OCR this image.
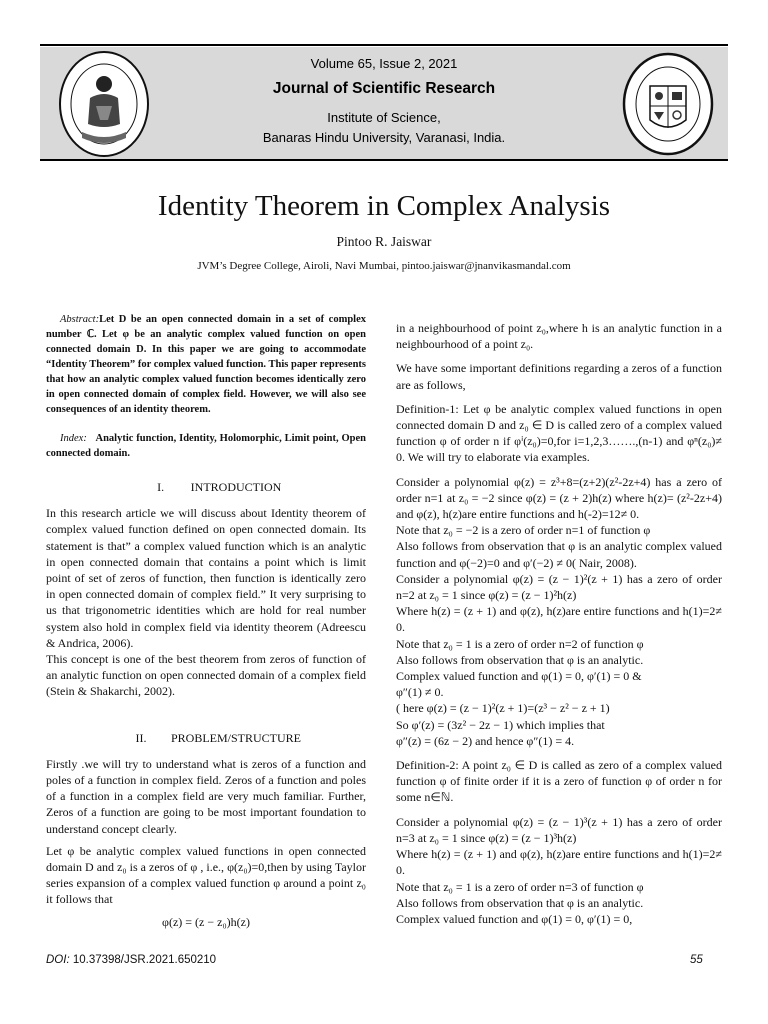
Volume 65, Issue 2, 2021
Journal of Scientific Research
Institute of Science,
Banaras Hindu University, Varanasi, India.
Identity Theorem in Complex Analysis
Pintoo R. Jaiswar
JVM’s Degree College, Airoli, Navi Mumbai, pintoo.jaiswar@jnanvikasmandal.com

Abstract:Let D be an open connected domain in a set of complex number ℂ. Let φ be an analytic complex valued function on open connected domain D. In this paper we are going to accommodate “Identity Theorem” for complex valued function. This paper represents that how an analytic complex valued function becomes identically zero in open connected domain of complex field. However, we will also see consequences of an identity theorem.

Index: Analytic function, Identity, Holomorphic, Limit point, Open connected domain.

I. INTRODUCTION

In this research article we will discuss about Identity theorem of complex valued function defined on open connected domain. Its statement is that” a complex valued function which is an analytic in open connected domain that contains a point which is limit point of set of zeros of function, then function is identically zero in open connected domain of complex field.” It very surprising to us that trigonometric identities which are hold for real number system also hold in complex field via identity theorem (Adreescu & Andrica, 2006).

This concept is one of the best theorem from zeros of function of an analytic function on open connected domain of a complex field (Stein & Shakarchi, 2002).

II. PROBLEM/STRUCTURE

Firstly .we will try to understand what is zeros of a function and poles of a function in complex field. Zeros of a function and poles of a function in a complex field are very much familiar. Further, Zeros of a function are going to be most important foundation to understand concept clearly.

Let φ be analytic complex valued functions in open connected domain D and z₀ is a zeros of φ , i.e., φ(z₀)=0,then by using Taylor series expansion of a complex valued function φ around a point z₀ it follows that

φ(z) = (z − z₀)h(z)

in a neighbourhood of point z₀,where h is an analytic function in a neighbourhood of a point z₀.

We have some important definitions regarding a zeros of a function are as follows,

Definition-1: Let φ be analytic complex valued functions in open connected domain D and z₀ ∈ D is called zero of a complex valued function φ of order n if φⁱ(z₀)=0,for i=1,2,3…….,(n-1) and φⁿ(z₀)≠ 0. We will try to elaborate via examples.

Consider a polynomial φ(z) = z³+8=(z+2)(z²-2z+4) has a zero of order n=1 at z₀ = −2 since φ(z) = (z + 2)h(z) where h(z)= (z²-2z+4) and φ(z), h(z)are entire functions and h(-2)=12≠ 0.

Note that z₀ = −2 is a zero of order n=1 of function φ

Also follows from observation that φ is an analytic complex valued function and φ(−2)=0 and φ′(−2) ≠ 0( Nair, 2008).

Consider a polynomial φ(z) = (z − 1)²(z + 1) has a zero of order n=2 at z₀ = 1 since φ(z) = (z − 1)²h(z)

Where h(z) = (z + 1) and φ(z), h(z)are entire functions and h(1)=2≠ 0.

Note that z₀ = 1 is a zero of order n=2 of function φ

Also follows from observation that φ is an analytic.

Complex valued function and φ(1) = 0, φ′(1) = 0 &

φ″(1) ≠ 0.

( here φ(z) = (z − 1)²(z + 1)=(z³ − z² − z + 1)

So φ′(z) = (3z² − 2z − 1) which implies that

φ″(z) = (6z − 2) and hence φ″(1) = 4.

Definition-2: A point z₀ ∈ D is called as zero of a complex valued function φ of finite order if it is a zero of function φ of order n for some n∈ℕ.

Consider a polynomial φ(z) = (z − 1)³(z + 1) has a zero of order n=3 at z₀ = 1 since φ(z) = (z − 1)³h(z)

Where h(z) = (z + 1) and φ(z), h(z)are entire functions and h(1)=2≠ 0.

Note that z₀ = 1 is a zero of order n=3 of function φ

Also follows from observation that φ is an analytic.

Complex valued function and φ(1) = 0, φ′(1) = 0,

DOI: 10.37398/JSR.2021.650210	55
